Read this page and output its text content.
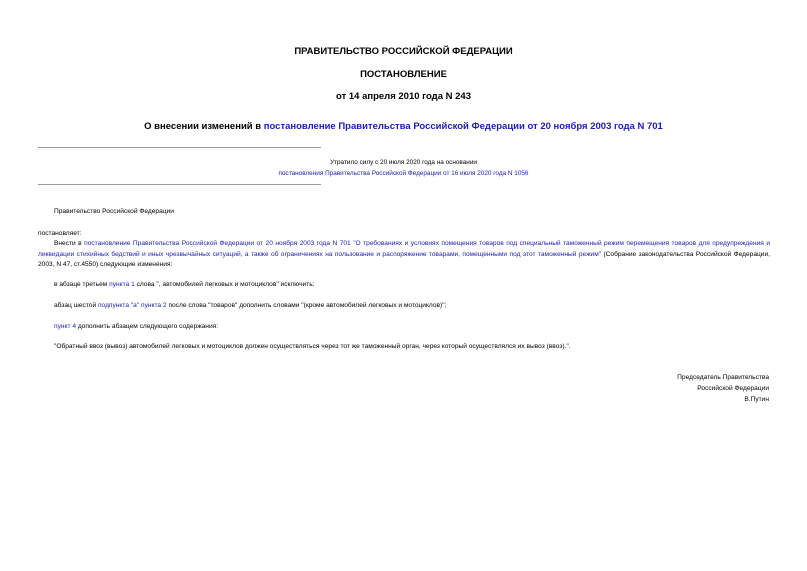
ПРАВИТЕЛЬСТВО РОССИЙСКОЙ ФЕДЕРАЦИИ
ПОСТАНОВЛЕНИЕ
от 14 апреля 2010 года N 243
О внесении изменений в постановление Правительства Российской Федерации от 20 ноября 2003 года N 701
Утратило силу с 20 июля 2020 года на основании
постановления Правительства Российской Федерации от 16 июля 2020 года N 1056
Правительство Российской Федерации
постановляет:
Внести в постановление Правительства Российской Федерации от 20 ноября 2003 года N 701 "О требованиях и условиях помещения товаров под специальный таможенный режим перемещения товаров для предупреждения и ликвидации стихийных бедствий и иных чрезвычайных ситуаций, а также об ограничениях на пользование и распоряжение товарами, помещенными под этот таможенный режим" (Собрание законодательства Российской Федерации, 2003, N 47, ст.4550) следующие изменения:
в абзаце третьем пункта 1 слова ", автомобилей легковых и мотоциклов" исключить;
абзац шестой подпункта "а" пункта 2 после слова "товаров" дополнить словами "(кроме автомобилей легковых и мотоциклов)";
пункт 4 дополнить абзацем следующего содержания:
"Обратный ввоз (вывоз) автомобилей легковых и мотоциклов должен осуществляться через тот же таможенный орган, через который осуществлялся их вывоз (ввоз).".
Председатель Правительства
Российской Федерации
В.Путин
